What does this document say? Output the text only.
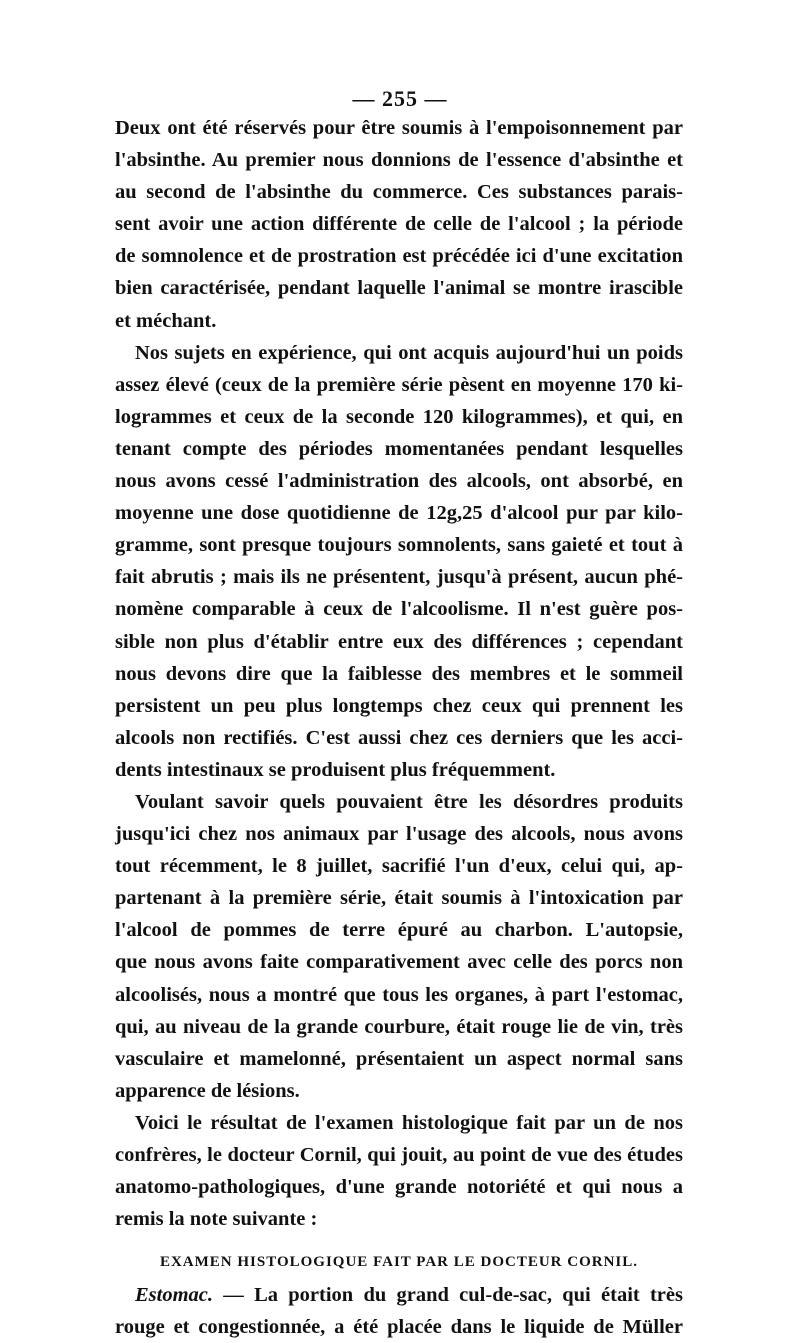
— 255 —
Deux ont été réservés pour être soumis à l'empoisonnement par
l'absinthe. Au premier nous donnions de l'essence d'absinthe et
au second de l'absinthe du commerce. Ces substances parais-
sent avoir une action différente de celle de l'alcool ; la période
de somnolence et de prostration est précédée ici d'une excitation
bien caractérisée, pendant laquelle l'animal se montre irascible
et méchant.
Nos sujets en expérience, qui ont acquis aujourd'hui un poids
assez élevé (ceux de la première série pèsent en moyenne 170 ki-
logrammes et ceux de la seconde 120 kilogrammes), et qui, en
tenant compte des périodes momentanées pendant lesquelles
nous avons cessé l'administration des alcools, ont absorbé, en
moyenne une dose quotidienne de 12g,25 d'alcool pur par kilo-
gramme, sont presque toujours somnolents, sans gaieté et tout à
fait abrutis ; mais ils ne présentent, jusqu'à présent, aucun phé-
nomène comparable à ceux de l'alcoolisme. Il n'est guère pos-
sible non plus d'établir entre eux des différences ; cependant
nous devons dire que la faiblesse des membres et le sommeil
persistent un peu plus longtemps chez ceux qui prennent les
alcools non rectifiés. C'est aussi chez ces derniers que les acci-
dents intestinaux se produisent plus fréquemment.
Voulant savoir quels pouvaient être les désordres produits
jusqu'ici chez nos animaux par l'usage des alcools, nous avons
tout récemment, le 8 juillet, sacrifié l'un d'eux, celui qui, ap-
partenant à la première série, était soumis à l'intoxication par
l'alcool de pommes de terre épuré au charbon. L'autopsie,
que nous avons faite comparativement avec celle des porcs non
alcoolisés, nous a montré que tous les organes, à part l'estomac,
qui, au niveau de la grande courbure, était rouge lie de vin, très
vasculaire et mamelonné, présentaient un aspect normal sans
apparence de lésions.
Voici le résultat de l'examen histologique fait par un de nos
confrères, le docteur Cornil, qui jouit, au point de vue des études
anatomo-pathologiques, d'une grande notoriété et qui nous a
remis la note suivante :
EXAMEN HISTOLOGIQUE FAIT PAR LE DOCTEUR CORNIL.
Estomac. — La portion du grand cul-de-sac, qui était très
rouge et congestionnée, a été placée dans le liquide de Müller
